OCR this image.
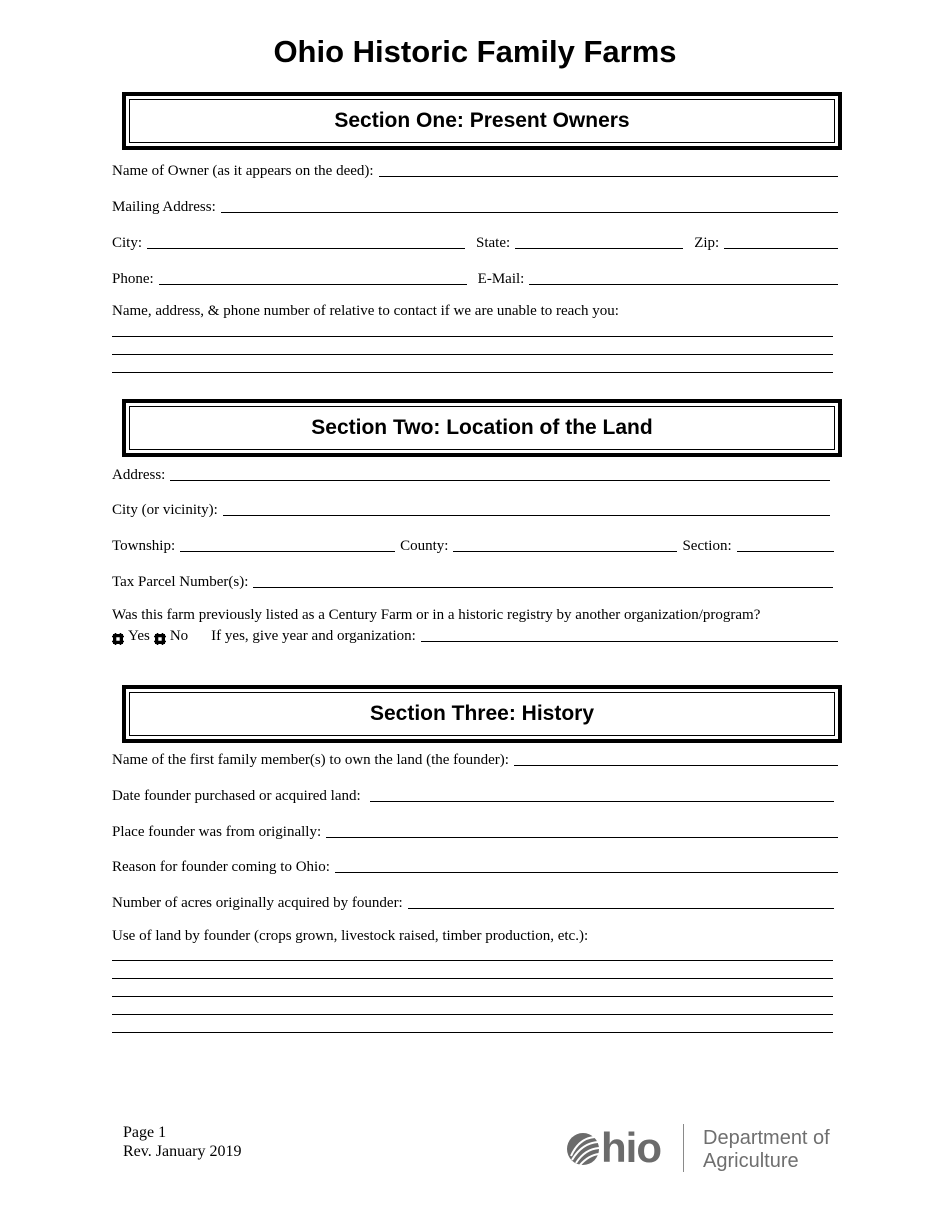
Ohio Historic Family Farms
Section One: Present Owners
Name of Owner (as it appears on the deed):
Mailing Address:
City:	State:	Zip:
Phone:	E-Mail:
Name, address, & phone number of relative to contact if we are unable to reach you:
Section Two: Location of the Land
Address:
City (or vicinity):
Township:	County:	Section:
Tax Parcel Number(s):
Was this farm previously listed as a Century Farm or in a historic registry by another organization/program?
Yes No If yes, give year and organization:
Section Three: History
Name of the first family member(s) to own the land (the founder):
Date founder purchased or acquired land:
Place founder was from originally:
Reason for founder coming to Ohio:
Number of acres originally acquired by founder:
Use of land by founder (crops grown, livestock raised, timber production, etc.):
Page 1
Rev. January 2019	hio Department of
Agriculture
